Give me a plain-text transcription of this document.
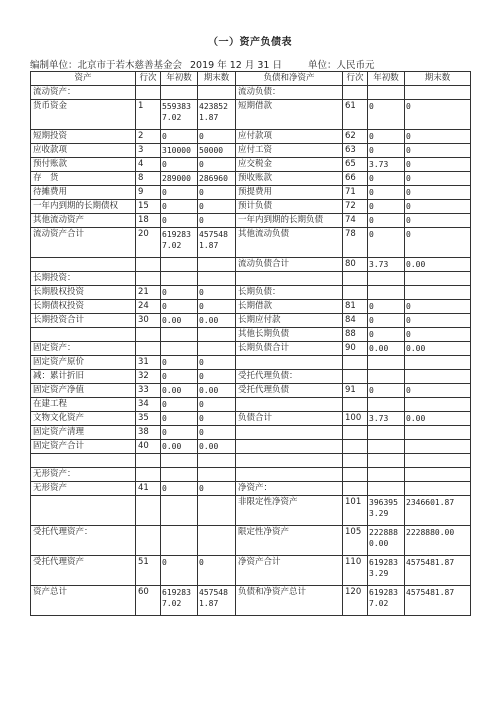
（一）资产负债表
编制单位：北京市于若木慈善基金会 2019 年 12 月 31 日	单位：人民币元
资产	行次	年初数	期末数	负债和净资产	行次	年初数	期末数
流动资产：				流动负债：			
货币资金	1	5593837.02	4238521.87	短期借款	61	0	0
短期投资	2	0	0	应付款项	62	0	0
应收款项	3	310000	50000	应付工资	63	0	0
预付账款	4	0	0	应交税金	65	3.73	0
存　货	8	289000	286960	预收账款	66	0	0
待摊费用	9	0	0	预提费用	71	0	0
一年内到期的长期债权	15	0	0	预计负债	72	0	0
其他流动资产	18	0	0	一年内到期的长期负债	74	0	0
流动资产合计	20	6192837.02	4575481.87	其他流动负债	78	0	0
				流动负债合计	80	3.73	0.00
长期投资：							
长期股权投资	21	0	0	长期负债：			
长期债权投资	24	0	0	长期借款	81	0	0
长期投资合计	30	0.00	0.00	长期应付款	84	0	0
				其他长期负债	88	0	0
固定资产：				长期负债合计	90	0.00	0.00
固定资产原价	31	0	0				
减：累计折旧	32	0	0	受托代理负债：			
固定资产净值	33	0.00	0.00	受托代理负债	91	0	0
在建工程	34	0	0				
文物文化资产	35	0	0	负债合计	100	3.73	0.00
固定资产清理	38	0	0				
固定资产合计	40	0.00	0.00				

无形资产：							
无形资产	41	0	0	净资产：			
				非限定性净资产	101	3963953.29	2346601.87
受托代理资产：				限定性净资产	105	2228880.00	2228880.00
受托代理资产	51	0	0	净资产合计	110	6192833.29	4575481.87
资产总计	60	6192837.02	4575481.87	负债和净资产总计	120	6192837.02	4575481.87
